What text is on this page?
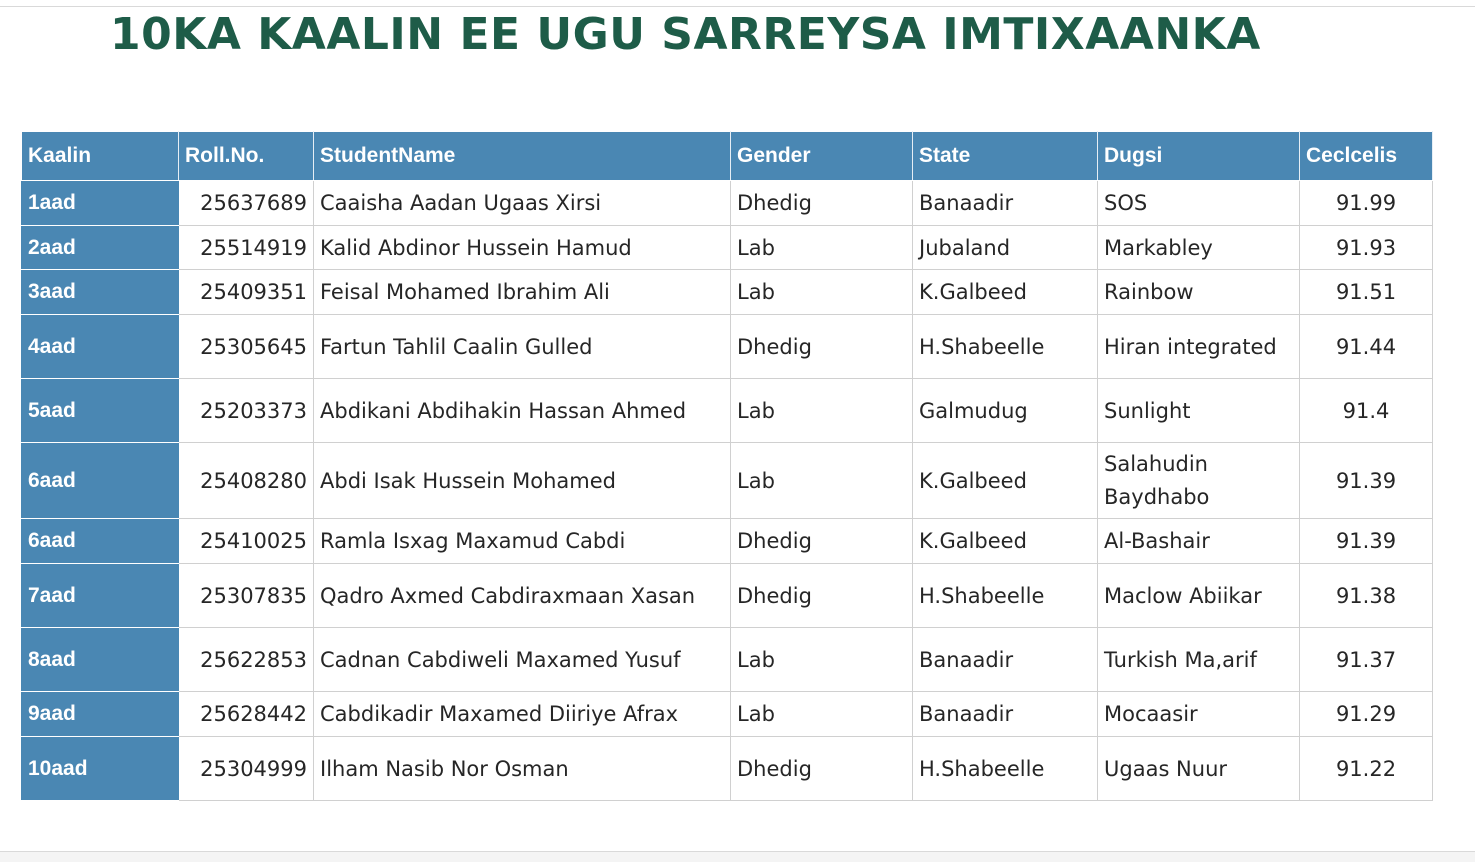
10KA KAALIN EE UGU SARREYSA IMTIXAANKA
Kaalin	Roll.No.	StudentName	Gender	State	Dugsi	Ceclcelis
1aad	25637689	Caaisha Aadan Ugaas Xirsi	Dhedig	Banaadir	SOS	91.99
2aad	25514919	Kalid Abdinor Hussein Hamud	Lab	Jubaland	Markabley	91.93
3aad	25409351	Feisal Mohamed Ibrahim Ali	Lab	K.Galbeed	Rainbow	91.51
4aad	25305645	Fartun Tahlil Caalin Gulled	Dhedig	H.Shabeelle	Hiran integrated	91.44
5aad	25203373	Abdikani Abdihakin Hassan Ahmed	Lab	Galmudug	Sunlight	91.4
6aad	25408280	Abdi Isak Hussein Mohamed	Lab	K.Galbeed	Salahudin Baydhabo	91.39
6aad	25410025	Ramla Isxag Maxamud Cabdi	Dhedig	K.Galbeed	Al-Bashair	91.39
7aad	25307835	Qadro Axmed Cabdiraxmaan Xasan	Dhedig	H.Shabeelle	Maclow Abiikar	91.38
8aad	25622853	Cadnan Cabdiweli Maxamed Yusuf	Lab	Banaadir	Turkish Ma,arif	91.37
9aad	25628442	Cabdikadir Maxamed Diiriye Afrax	Lab	Banaadir	Mocaasir	91.29
10aad	25304999	Ilham Nasib Nor Osman	Dhedig	H.Shabeelle	Ugaas Nuur	91.22
